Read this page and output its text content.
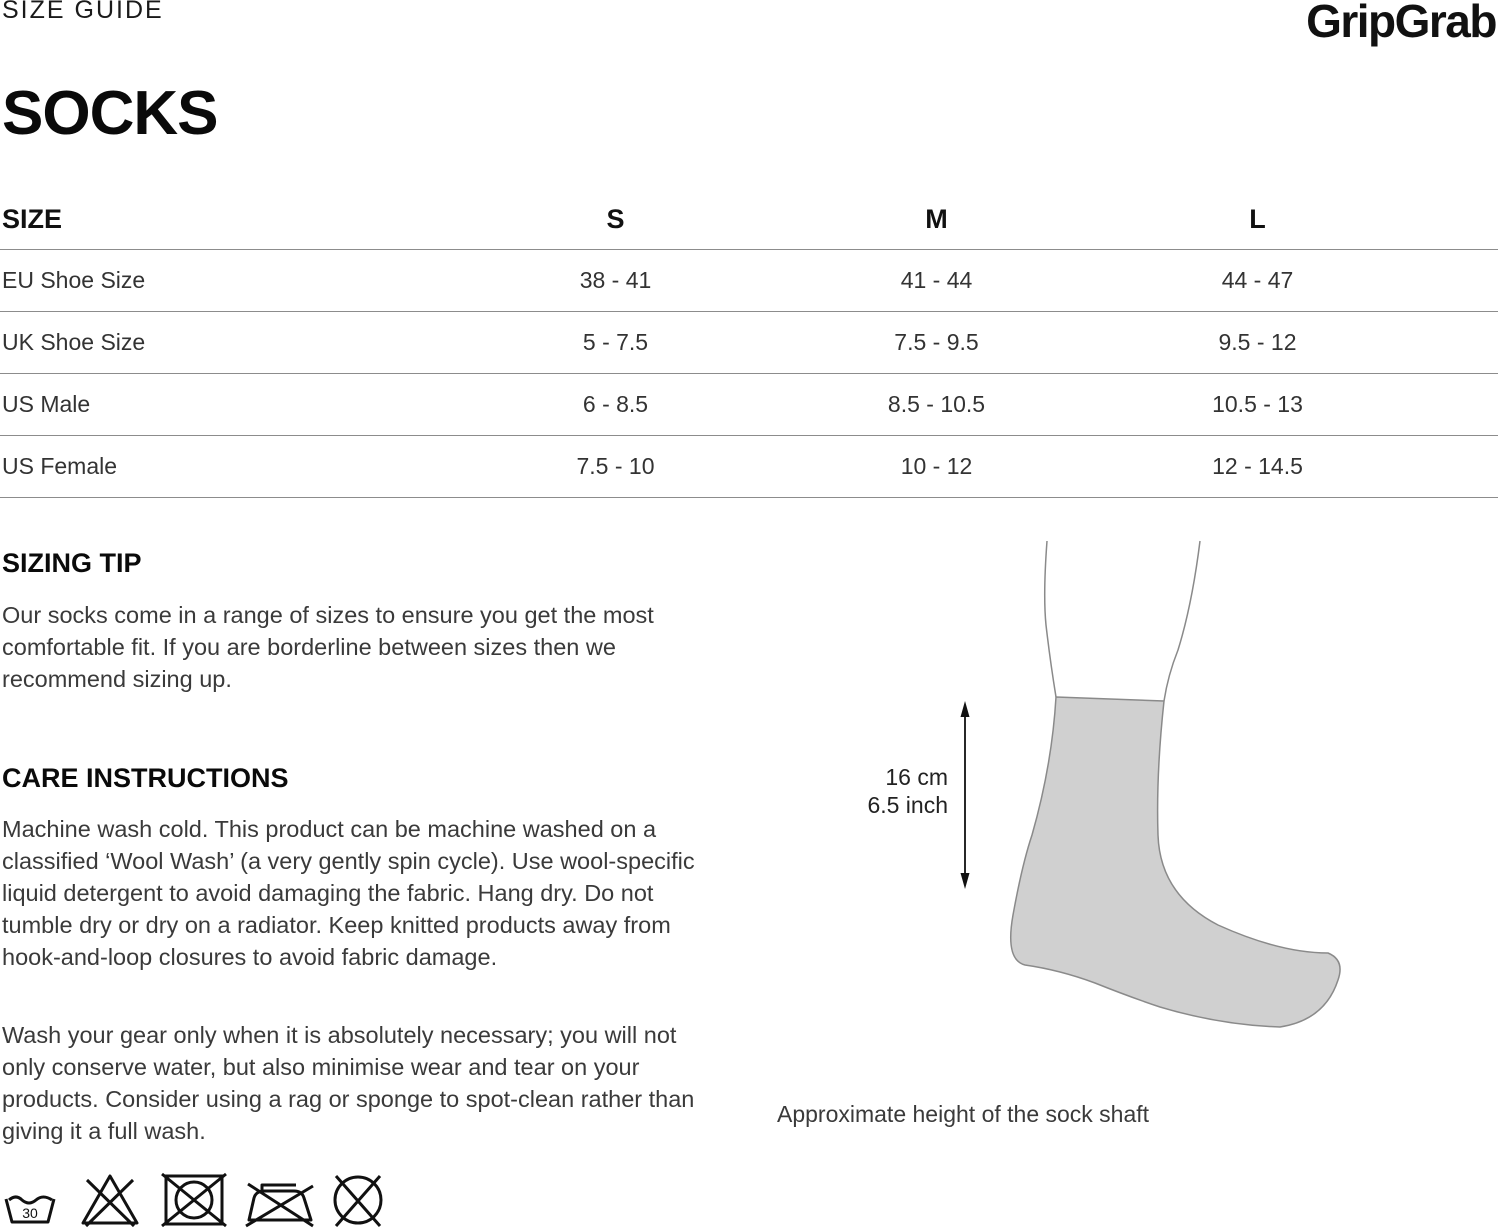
SIZE GUIDE	GripGrab
SOCKS
SIZE	S	M	L	
EU Shoe Size	38 - 41	41 - 44	44 - 47	
UK Shoe Size	5 - 7.5	7.5 - 9.5	9.5 - 12	
US Male	6 - 8.5	8.5 - 10.5	10.5 - 13	
US Female	7.5 - 10	10 - 12	12 - 14.5	
SIZING TIP

Our socks come in a range of sizes to ensure you get the most comfortable fit. If you are borderline between sizes then we recommend sizing up.

CARE INSTRUCTIONS

Machine wash cold. This product can be machine washed on a classified ‘Wool Wash’ (a very gently spin cycle). Use wool-specific liquid detergent to avoid damaging the fabric. Hang dry. Do not tumble dry or dry on a radiator. Keep knitted products away from hook-and-loop closures to avoid fabric damage.

Wash your gear only when it is absolutely necessary; you will not only conserve water, but also minimise wear and tear on your products. Consider using a rag or sponge to spot-clean rather than giving it a full wash.

30
16 cm
6.5 inch
Approximate height of the sock shaft
